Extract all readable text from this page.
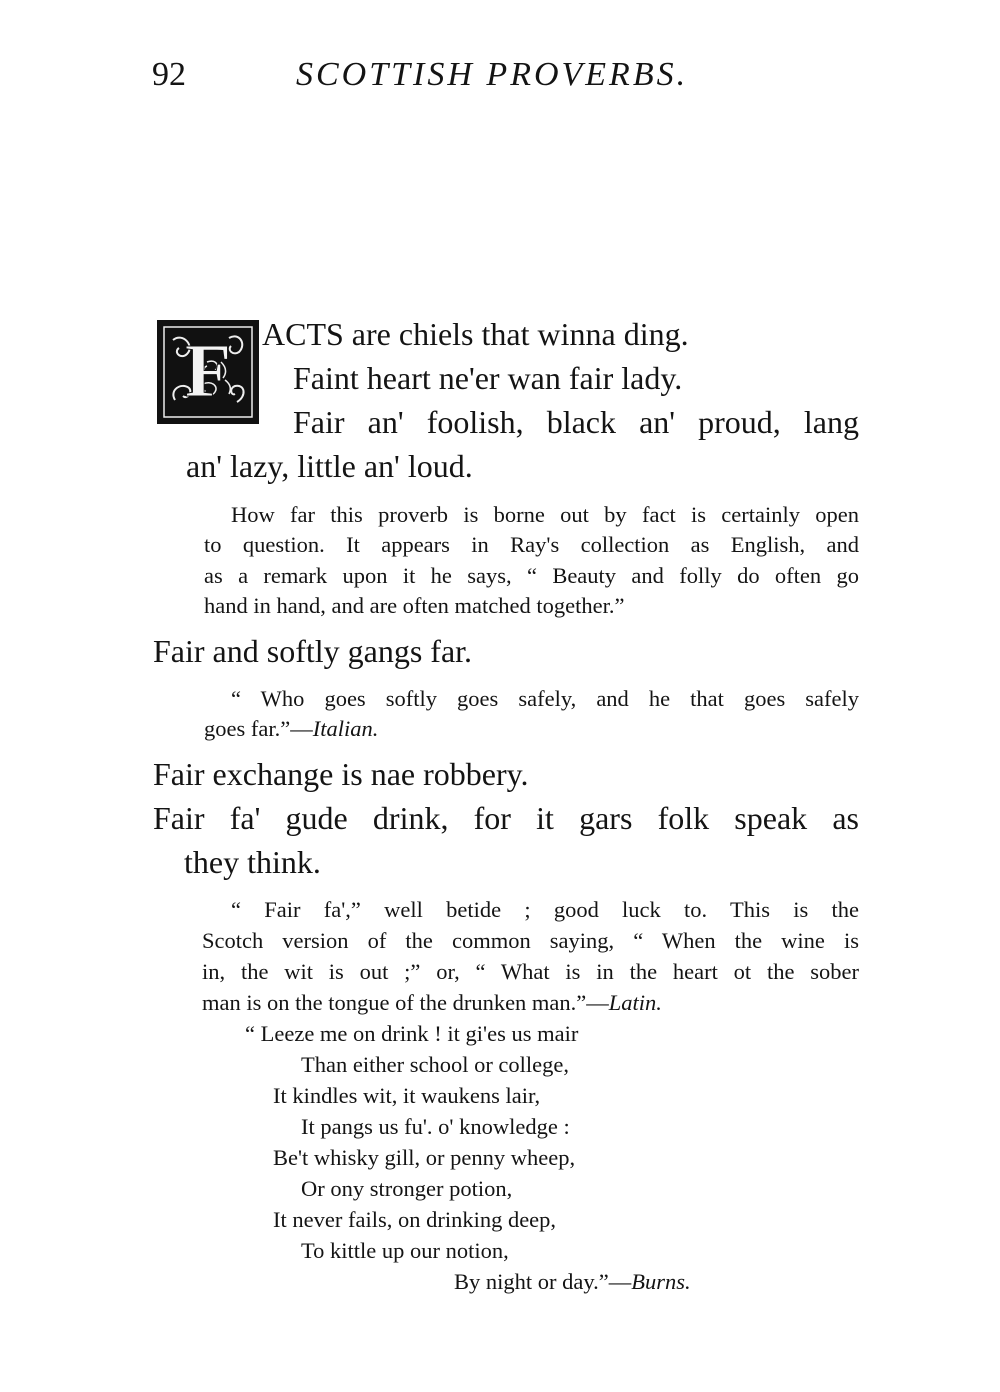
92	SCOTTISH PROVERBS.
F ACTS are chiels that winna ding.
Faint heart ne'er wan fair lady.
Fair an' foolish, black an' proud, lang
an' lazy, little an' loud.
How far this proverb is borne out by fact is certainly open
to question. It appears in Ray's collection as English, and
as a remark upon it he says, “ Beauty and folly do often go
hand in hand, and are often matched together.”
Fair and softly gangs far.
“ Who goes softly goes safely, and he that goes safely
goes far.”—Italian.
Fair exchange is nae robbery.
Fair fa' gude drink, for it gars folk speak as
they think.
“ Fair fa',” well betide ; good luck to. This is the
Scotch version of the common saying, “ When the wine is
in, the wit is out ;” or, “ What is in the heart ot the sober
man is on the tongue of the drunken man.”—Latin.
“ Leeze me on drink ! it gi'es us mair
Than either school or college,
It kindles wit, it waukens lair,
It pangs us fu'. o' knowledge :
Be't whisky gill, or penny wheep,
Or ony stronger potion,
It never fails, on drinking deep,
To kittle up our notion,
By night or day.”—Burns.
